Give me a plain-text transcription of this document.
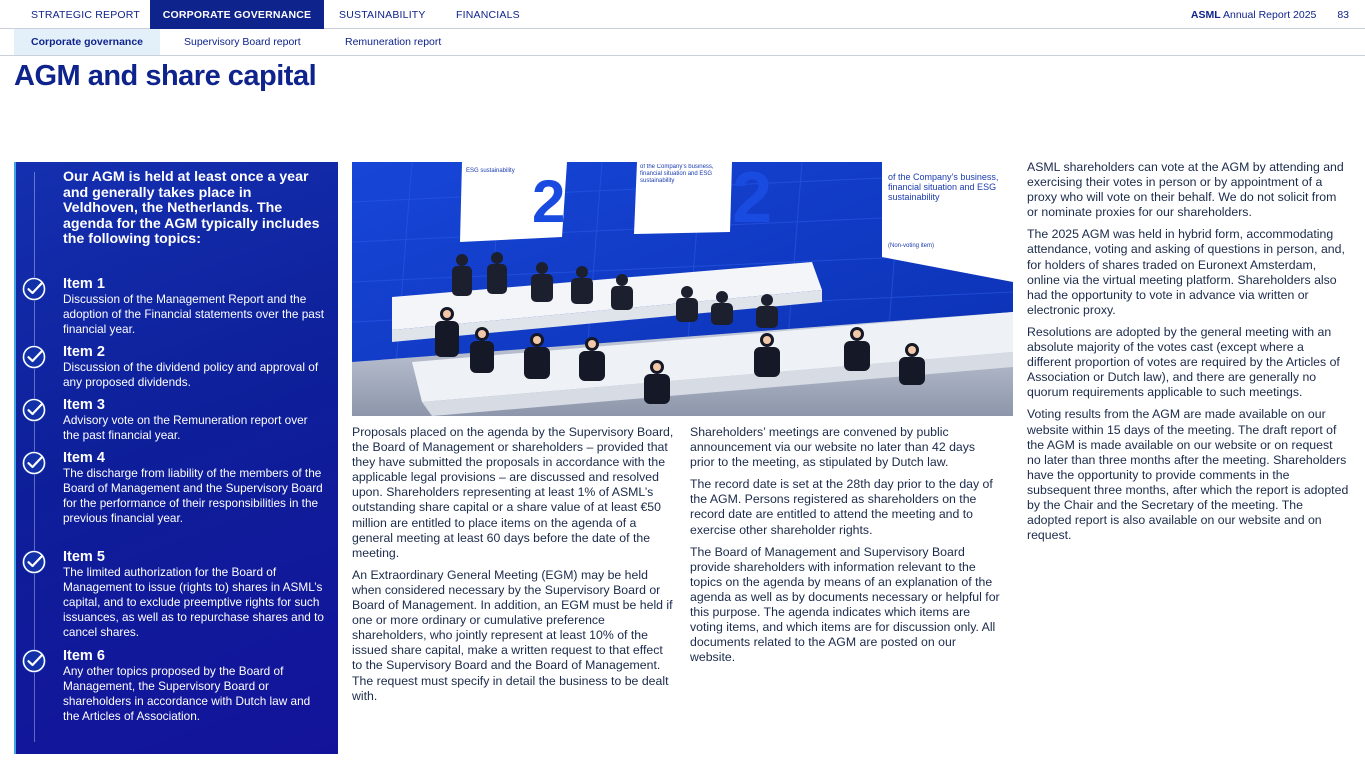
STRATEGIC REPORT	CORPORATE GOVERNANCE	SUSTAINABILITY	FINANCIALS	ASML Annual Report 2025 83
Corporate governance	Supervisory Board report	Remuneration report
AGM and share capital
Our AGM is held at least once a year and generally takes place in Veldhoven, the Netherlands. The agenda for the AGM typically includes the following topics:
Item 1
Discussion of the Management Report and the adoption of the Financial statements over the past financial year.
Item 2
Discussion of the dividend policy and approval of any proposed dividends.
Item 3
Advisory vote on the Remuneration report over the past financial year.
Item 4
The discharge from liability of the members of the Board of Management and the Supervisory Board for the performance of their responsibilities in the previous financial year.
Item 5
The limited authorization for the Board of Management to issue (rights to) shares in ASML’s capital, and to exclude preemptive rights for such issuances, as well as to repurchase shares and to cancel shares.
Item 6
Any other topics proposed by the Board of Management, the Supervisory Board or shareholders in accordance with Dutch law and the Articles of Association.
2 2
ESG sustainability
of the Company’s business, financial situation and ESG sustainability	of the Company’s business, financial situation and ESG sustainability
(Non-voting item)

Proposals placed on the agenda by the Supervisory Board, the Board of Management or shareholders – provided that they have submitted the proposals in accordance with the applicable legal provisions – are discussed and resolved upon. Shareholders representing at least 1% of ASML’s outstanding share capital or a share value of at least €50 million are entitled to place items on the agenda of a general meeting at least 60 days before the date of the meeting.

An Extraordinary General Meeting (EGM) may be held when considered necessary by the Supervisory Board or Board of Management. In addition, an EGM must be held if one or more ordinary or cumulative preference shareholders, who jointly represent at least 10% of the issued share capital, make a written request to that effect to the Supervisory Board and the Board of Management. The request must specify in detail the business to be dealt with.

Shareholders’ meetings are convened by public announcement via our website no later than 42 days prior to the meeting, as stipulated by Dutch law.

The record date is set at the 28th day prior to the day of the AGM. Persons registered as shareholders on the record date are entitled to attend the meeting and to exercise other shareholder rights.

The Board of Management and Supervisory Board provide shareholders with information relevant to the topics on the agenda by means of an explanation of the agenda as well as by documents necessary or helpful for this purpose. The agenda indicates which items are voting items, and which items are for discussion only. All documents related to the AGM are posted on our website.

ASML shareholders can vote at the AGM by attending and exercising their votes in person or by appointment of a proxy who will vote on their behalf. We do not solicit from or nominate proxies for our shareholders.

The 2025 AGM was held in hybrid form, accommodating attendance, voting and asking of questions in person, and, for holders of shares traded on Euronext Amsterdam, online via the virtual meeting platform. Shareholders also had the opportunity to vote in advance via written or electronic proxy.

Resolutions are adopted by the general meeting with an absolute majority of the votes cast (except where a different proportion of votes are required by the Articles of Association or Dutch law), and there are generally no quorum requirements applicable to such meetings.

Voting results from the AGM are made available on our website within 15 days of the meeting. The draft report of the AGM is made available on our website or on request no later than three months after the meeting. Shareholders have the opportunity to provide comments in the subsequent three months, after which the report is adopted by the Chair and the Secretary of the meeting. The adopted report is also available on our website and on request.
